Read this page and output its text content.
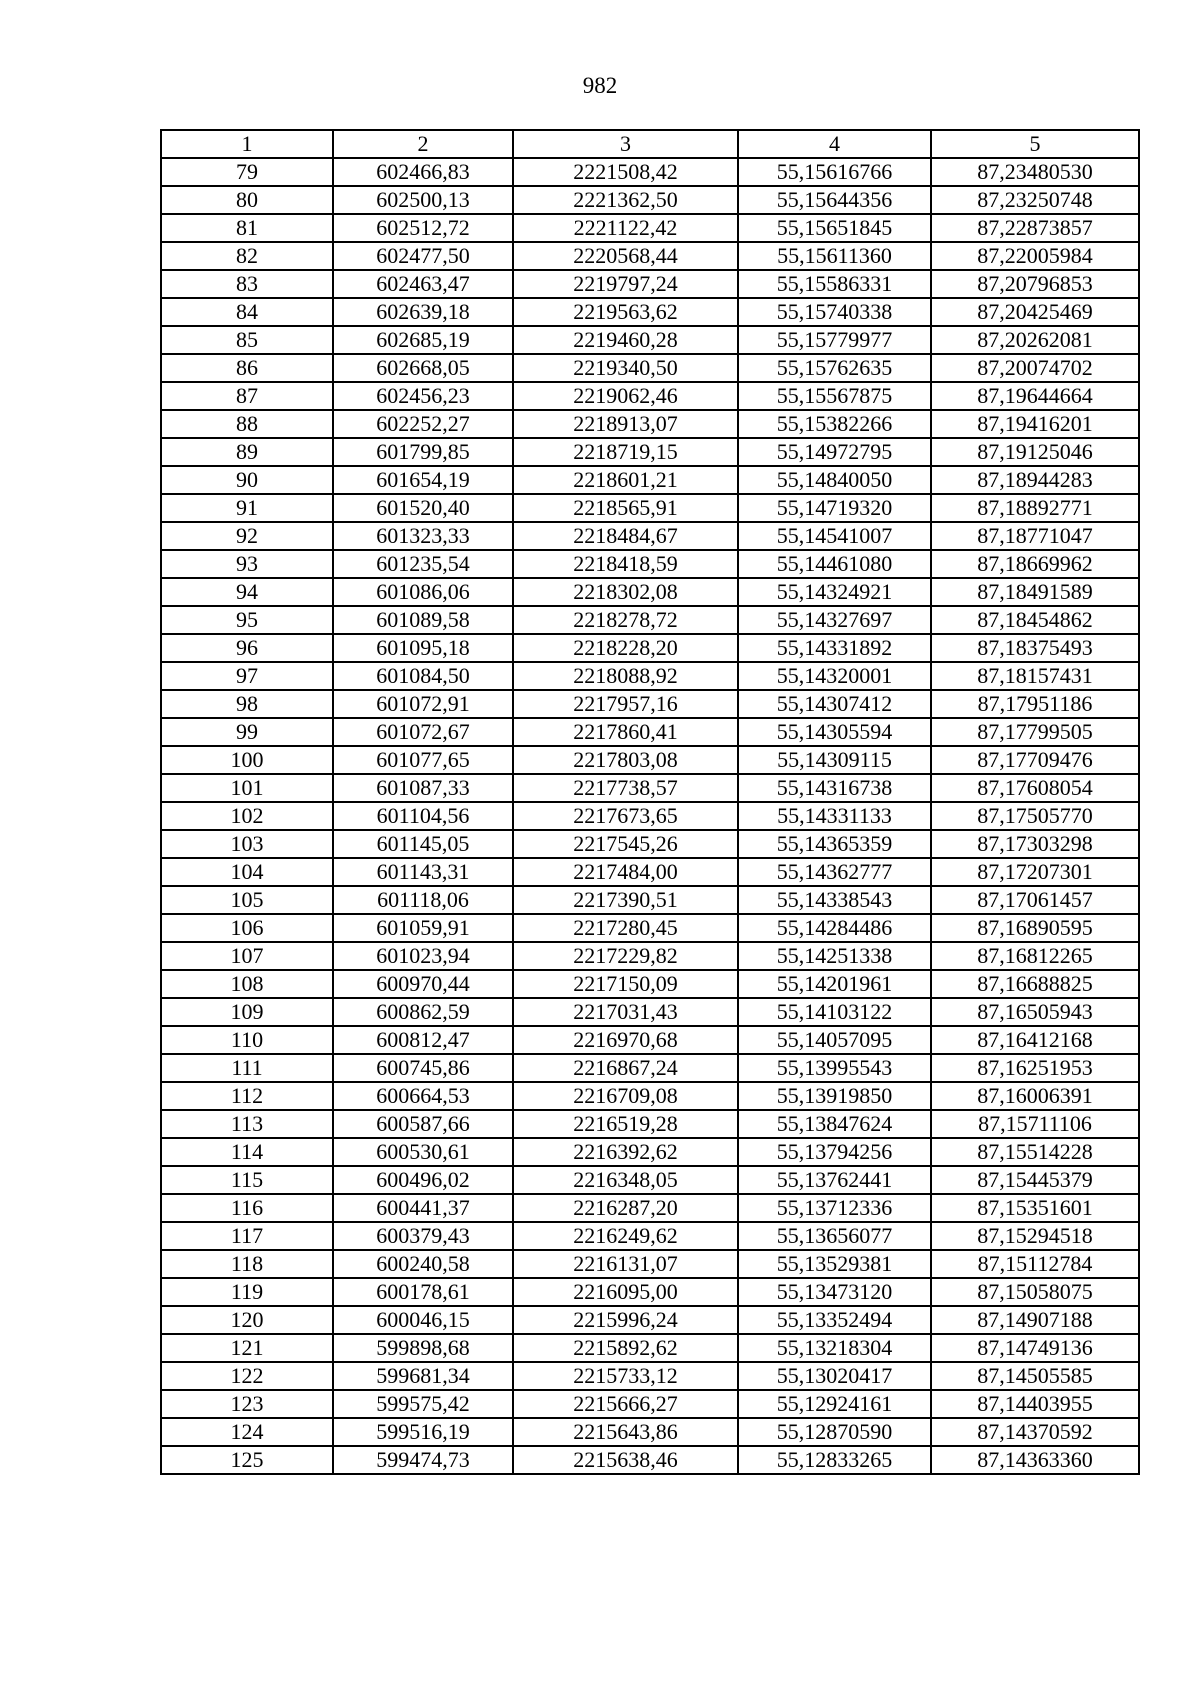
982
1	2	3	4	5
79	602466,83	2221508,42	55,15616766	87,23480530
80	602500,13	2221362,50	55,15644356	87,23250748
81	602512,72	2221122,42	55,15651845	87,22873857
82	602477,50	2220568,44	55,15611360	87,22005984
83	602463,47	2219797,24	55,15586331	87,20796853
84	602639,18	2219563,62	55,15740338	87,20425469
85	602685,19	2219460,28	55,15779977	87,20262081
86	602668,05	2219340,50	55,15762635	87,20074702
87	602456,23	2219062,46	55,15567875	87,19644664
88	602252,27	2218913,07	55,15382266	87,19416201
89	601799,85	2218719,15	55,14972795	87,19125046
90	601654,19	2218601,21	55,14840050	87,18944283
91	601520,40	2218565,91	55,14719320	87,18892771
92	601323,33	2218484,67	55,14541007	87,18771047
93	601235,54	2218418,59	55,14461080	87,18669962
94	601086,06	2218302,08	55,14324921	87,18491589
95	601089,58	2218278,72	55,14327697	87,18454862
96	601095,18	2218228,20	55,14331892	87,18375493
97	601084,50	2218088,92	55,14320001	87,18157431
98	601072,91	2217957,16	55,14307412	87,17951186
99	601072,67	2217860,41	55,14305594	87,17799505
100	601077,65	2217803,08	55,14309115	87,17709476
101	601087,33	2217738,57	55,14316738	87,17608054
102	601104,56	2217673,65	55,14331133	87,17505770
103	601145,05	2217545,26	55,14365359	87,17303298
104	601143,31	2217484,00	55,14362777	87,17207301
105	601118,06	2217390,51	55,14338543	87,17061457
106	601059,91	2217280,45	55,14284486	87,16890595
107	601023,94	2217229,82	55,14251338	87,16812265
108	600970,44	2217150,09	55,14201961	87,16688825
109	600862,59	2217031,43	55,14103122	87,16505943
110	600812,47	2216970,68	55,14057095	87,16412168
111	600745,86	2216867,24	55,13995543	87,16251953
112	600664,53	2216709,08	55,13919850	87,16006391
113	600587,66	2216519,28	55,13847624	87,15711106
114	600530,61	2216392,62	55,13794256	87,15514228
115	600496,02	2216348,05	55,13762441	87,15445379
116	600441,37	2216287,20	55,13712336	87,15351601
117	600379,43	2216249,62	55,13656077	87,15294518
118	600240,58	2216131,07	55,13529381	87,15112784
119	600178,61	2216095,00	55,13473120	87,15058075
120	600046,15	2215996,24	55,13352494	87,14907188
121	599898,68	2215892,62	55,13218304	87,14749136
122	599681,34	2215733,12	55,13020417	87,14505585
123	599575,42	2215666,27	55,12924161	87,14403955
124	599516,19	2215643,86	55,12870590	87,14370592
125	599474,73	2215638,46	55,12833265	87,14363360
